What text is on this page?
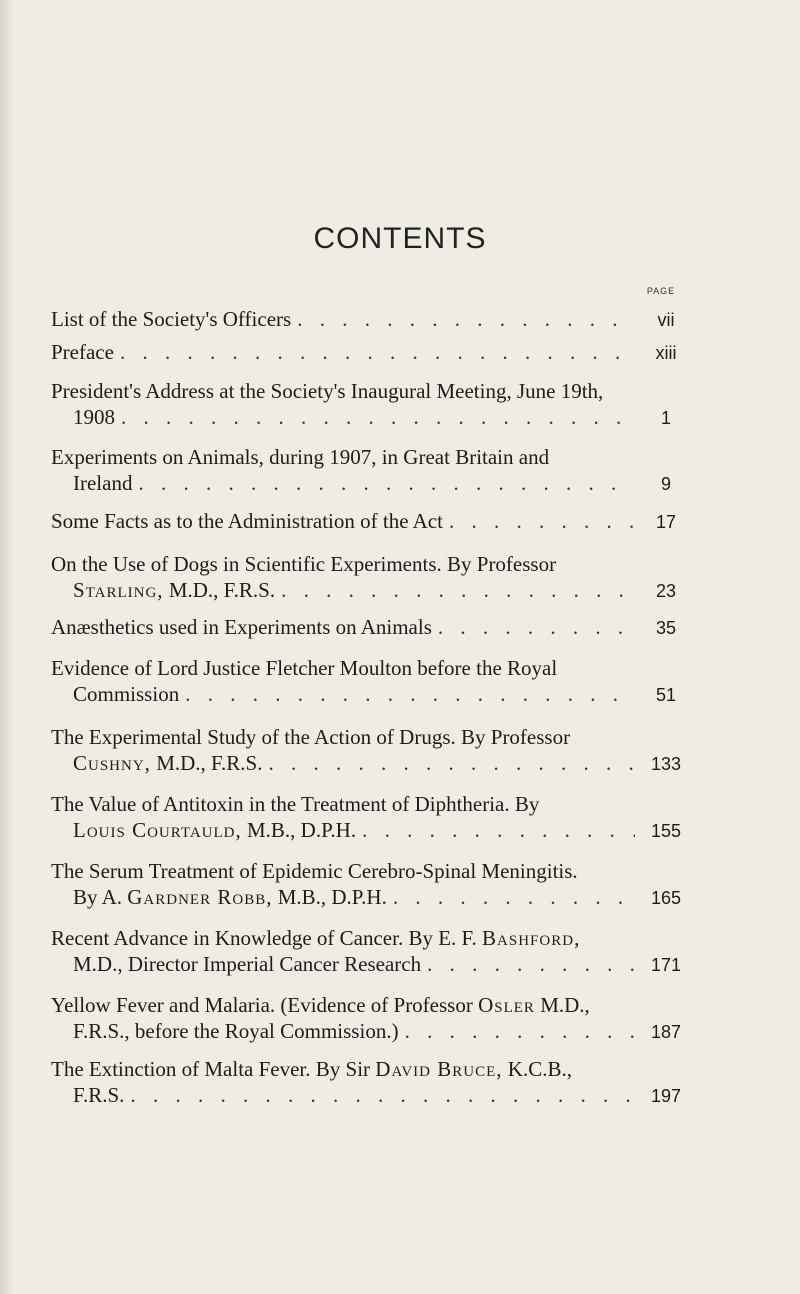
CONTENTS
PAGE
List of the Society's Officers . . .	vii
Preface . . .	xiii
President's Address at the Society's Inaugural Meeting, June 19th,
1908 . . .	1
Experiments on Animals, during 1907, in Great Britain and
Ireland . . .	9
Some Facts as to the Administration of the Act . . .	17
On the Use of Dogs in Scientific Experiments. By Professor
Starling, M.D., F.R.S. . . .	23
Anæsthetics used in Experiments on Animals . . .	35
Evidence of Lord Justice Fletcher Moulton before the Royal
Commission . . .	51
The Experimental Study of the Action of Drugs. By Professor
Cushny, M.D., F.R.S. . . .	133
The Value of Antitoxin in the Treatment of Diphtheria. By
Louis Courtauld, M.B., D.P.H. . . .	155
The Serum Treatment of Epidemic Cerebro-Spinal Meningitis.
By A. Gardner Robb, M.B., D.P.H. . . .	165
Recent Advance in Knowledge of Cancer. By E. F. Bashford,
M.D., Director Imperial Cancer Research . . .	171
Yellow Fever and Malaria. (Evidence of Professor Osler M.D.,
F.R.S., before the Royal Commission.) . . .	187
The Extinction of Malta Fever. By Sir David Bruce, K.C.B.,
F.R.S. . . .	197
